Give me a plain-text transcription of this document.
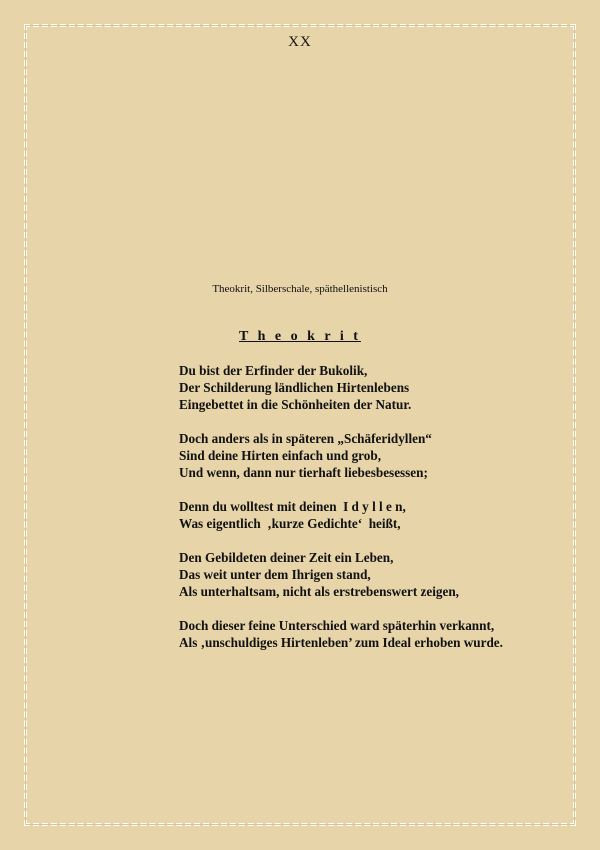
XX
Theokrit, Silberschale, späthellenistisch
T h e o k r i t
Du bist der Erfinder der Bukolik,
Der Schilderung ländlichen Hirtenlebens
Eingebettet in die Schönheiten der Natur.
Doch anders als in späteren „Schäferidyllen“
Sind deine Hirten einfach und grob,
Und wenn, dann nur tierhaft liebesbesessen;
Denn du wolltest mit deinen  I d y l l e n,
Was eigentlich  ‚kurze Gedichte‘  heißt,
Den Gebildeten deiner Zeit ein Leben,
Das weit unter dem Ihrigen stand,
Als unterhaltsam, nicht als erstrebenswert zeigen,
Doch dieser feine Unterschied ward späterhin verkannt,
Als ‚unschuldiges Hirtenleben’ zum Ideal erhoben wurde.
